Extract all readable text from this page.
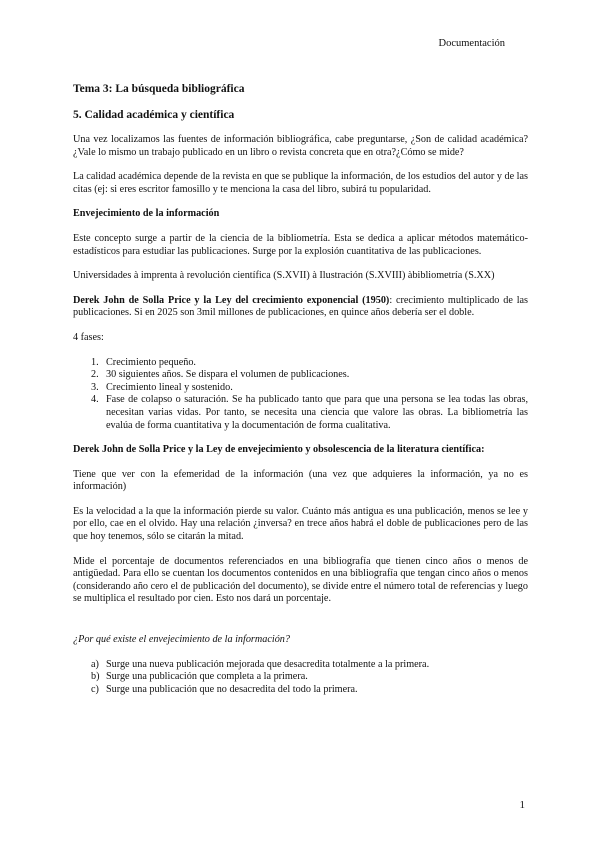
Documentación
Tema 3: La búsqueda bibliográfica
5. Calidad académica y científica

Una vez localizamos las fuentes de información bibliográfica, cabe preguntarse, ¿Son de calidad académica?¿Vale lo mismo un trabajo publicado en un libro o revista concreta que en otra?¿Cómo se mide?

La calidad académica depende de la revista en que se publique la información, de los estudios del autor y de las citas (ej: si eres escritor famosillo y te menciona la casa del libro, subirá tu popularidad.

Envejecimiento de la información

Este concepto surge a partir de la ciencia de la bibliometría. Esta se dedica a aplicar métodos matemático-estadísticos para estudiar las publicaciones. Surge por la explosión cuantitativa de las publicaciones.

Universidades à imprenta à revolución científica (S.XVII) à Ilustración (S.XVIII) àbibliometría (S.XX)

Derek John de Solla Price y la Ley del crecimiento exponencial (1950): crecimiento multiplicado de las publicaciones. Si en 2025 son 3mil millones de publicaciones, en quince años debería ser el doble.

4 fases:

1. Crecimiento pequeño.
2. 30 siguientes años. Se dispara el volumen de publicaciones.
3. Crecimiento lineal y sostenido.
4. Fase de colapso o saturación. Se ha publicado tanto que para que una persona se lea todas las obras, necesitan varias vidas. Por tanto, se necesita una ciencia que valore las obras. La bibliometría las evalúa de forma cuantitativa y la documentación de forma cualitativa.
Derek John de Solla Price y la Ley de envejecimiento y obsolescencia de la literatura científica:

Tiene que ver con la efemeridad de la información (una vez que adquieres la información, ya no es información)

Es la velocidad a la que la información pierde su valor. Cuánto más antigua es una publicación, menos se lee y por ello, cae en el olvido. Hay una relación ¿inversa? en trece años habrá el doble de publicaciones pero de las que hoy tenemos, sólo se citarán la mitad.

Mide el porcentaje de documentos referenciados en una bibliografía que tienen cinco años o menos de antigüedad. Para ello se cuentan los documentos contenidos en una bibliografía que tengan cinco años o menos (considerando año cero el de publicación del documento), se divide entre el número total de referencias y luego se multiplica el resultado por cien. Esto nos dará un porcentaje.

¿Por qué existe el envejecimiento de la información?

a) Surge una nueva publicación mejorada que desacredita totalmente a la primera.
b) Surge una publicación que completa a la primera.
c) Surge una publicación que no desacredita del todo la primera.
1
